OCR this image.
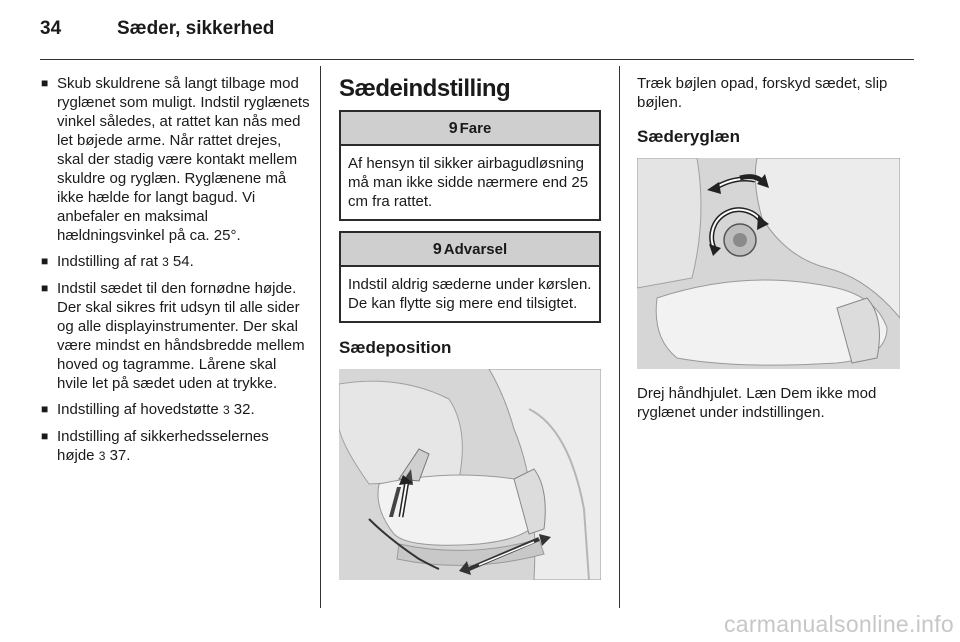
34	Sæder, sikkerhed
■ Skub skuldrene så langt tilbage mod ryglænet som muligt. Indstil ryglænets vinkel således, at rattet kan nås med let bøjede arme. Når rattet drejes, skal der stadig være kontakt mellem skuldre og ryglæn. Ryglænene må ikke hælde for langt bagud. Vi anbefaler en maksimal hældningsvinkel på ca. 25°.
■ Indstilling af rat 3 54.
■ Indstil sædet til den fornødne højde. Der skal sikres frit udsyn til alle sider og alle displayinstrumenter. Der skal være mindst en håndsbredde mellem hoved og tagramme. Lårene skal hvile let på sædet uden at trykke.
■ Indstilling af hovedstøtte 3 32.
■ Indstilling af sikkerhedsselernes højde 3 37.
Sædeindstilling
9 Fare
Af hensyn til sikker airbagudløsning må man ikke sidde nærmere end 25 cm fra rattet.
9 Advarsel
Indstil aldrig sæderne under kørslen. De kan flytte sig mere end tilsigtet.
Sædeposition
Træk bøjlen opad, forskyd sædet, slip bøjlen.
Sæderyglæn
Drej håndhjulet. Læn Dem ikke mod ryglænet under indstillingen.
carmanualsonline.info
